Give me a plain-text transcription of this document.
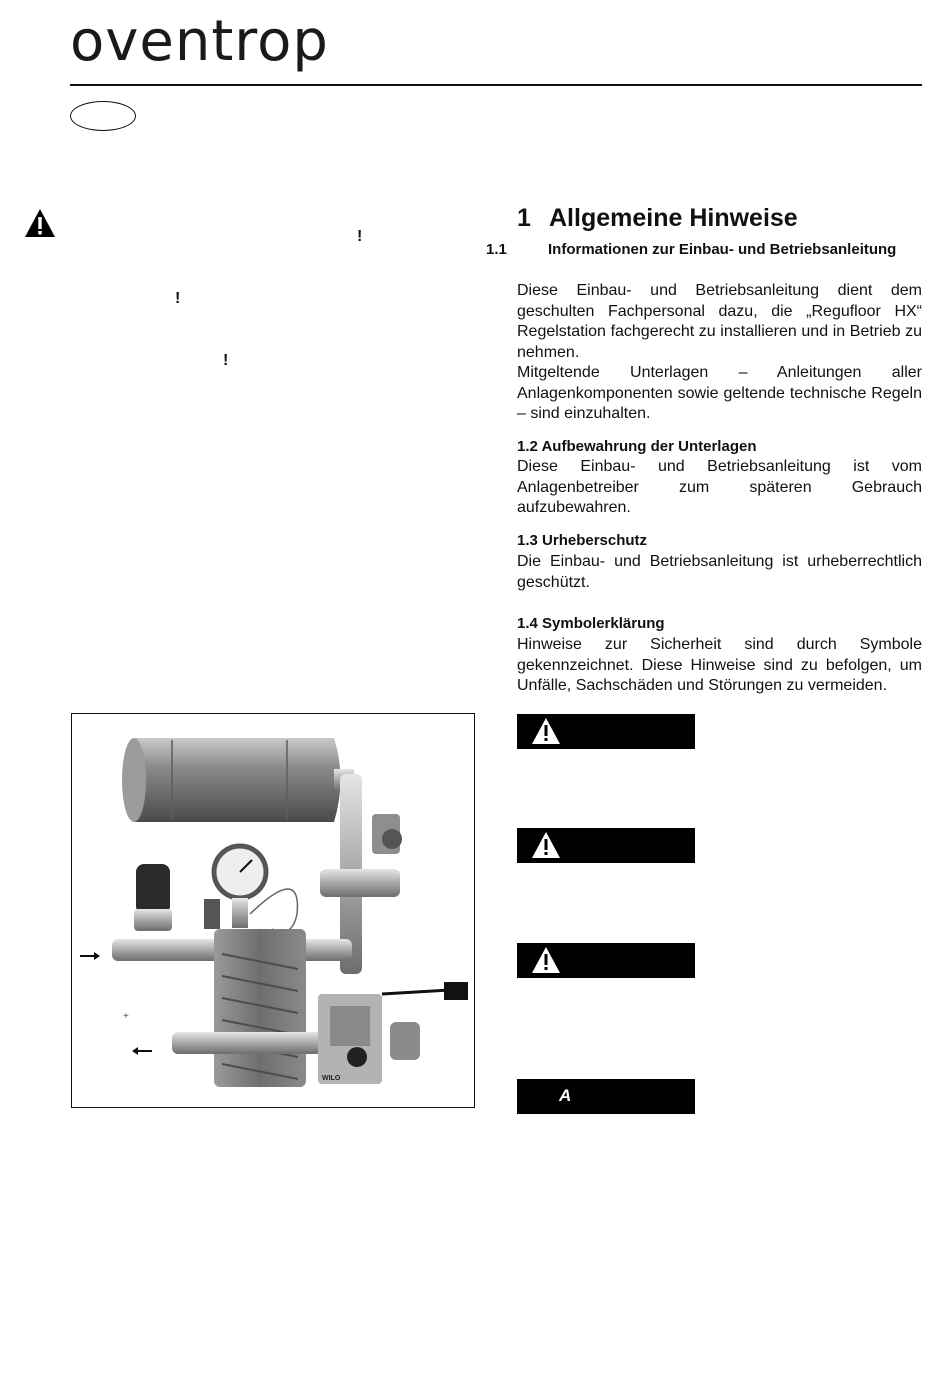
oventrop
!
!
!
1 Allgemeine Hinweise
1.1	Informationen zur Einbau- und Betriebsanleitung

Diese Einbau- und Betriebsanleitung dient dem geschulten Fachpersonal dazu, die „Regufloor HX“ Regelstation fachgerecht zu installieren und in Betrieb zu nehmen.

Mitgeltende Unterlagen – Anleitungen aller Anlagenkomponenten sowie geltende technische Regeln – sind einzuhalten.

1.2 Aufbewahrung der Unterlagen

Diese Einbau- und Betriebsanleitung ist vom Anlagenbetreiber zum späteren Gebrauch aufzubewahren.

1.3 Urheberschutz

Die Einbau- und Betriebsanleitung ist urheberrechtlich geschützt.

1.4 Symbolerklärung

Hinweise zur Sicherheit sind durch Symbole gekennzeichnet. Diese Hinweise sind zu befolgen, um Unfälle, Sachschäden und Störungen zu vermeiden.

WILO
+
A
